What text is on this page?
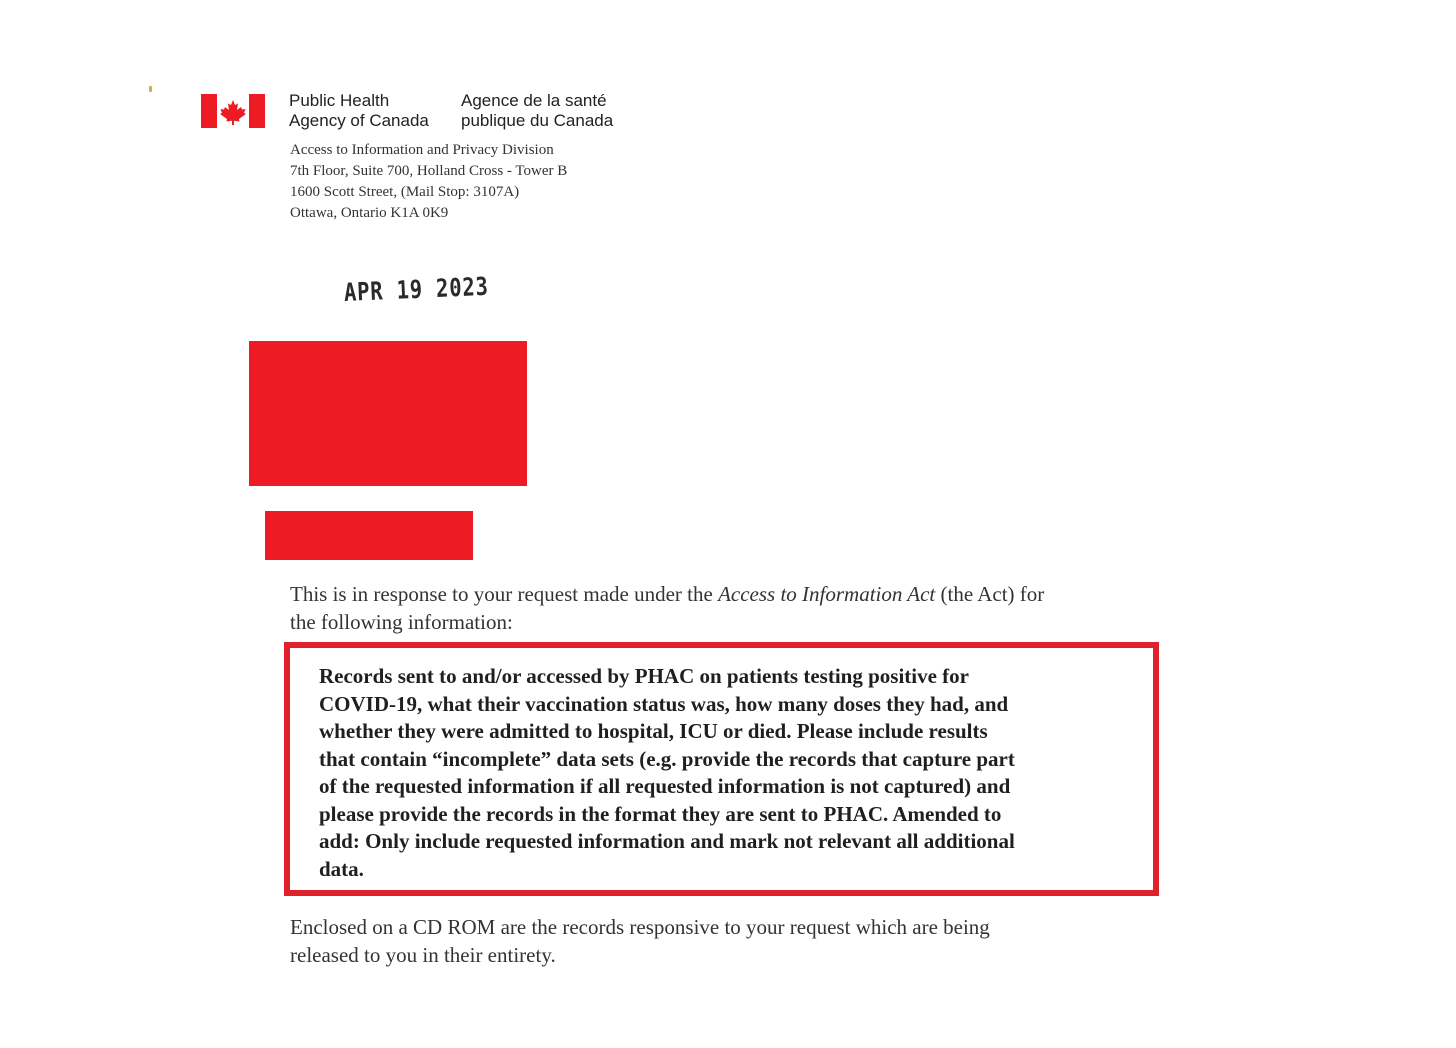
Public Health
Agency of Canada
Agence de la santé
publique du Canada
Access to Information and Privacy Division
7th Floor, Suite 700, Holland Cross - Tower B
1600 Scott Street, (Mail Stop: 3107A)
Ottawa, Ontario K1A 0K9
APR 19 2023
This is in response to your request made under the Access to Information Act (the Act) for
the following information:
Records sent to and/or accessed by PHAC on patients testing positive for
COVID-19, what their vaccination status was, how many doses they had, and
whether they were admitted to hospital, ICU or died. Please include results
that contain “incomplete” data sets (e.g. provide the records that capture part
of the requested information if all requested information is not captured) and
please provide the records in the format they are sent to PHAC. Amended to
add: Only include requested information and mark not relevant all additional
data.
Enclosed on a CD ROM are the records responsive to your request which are being
released to you in their entirety.
